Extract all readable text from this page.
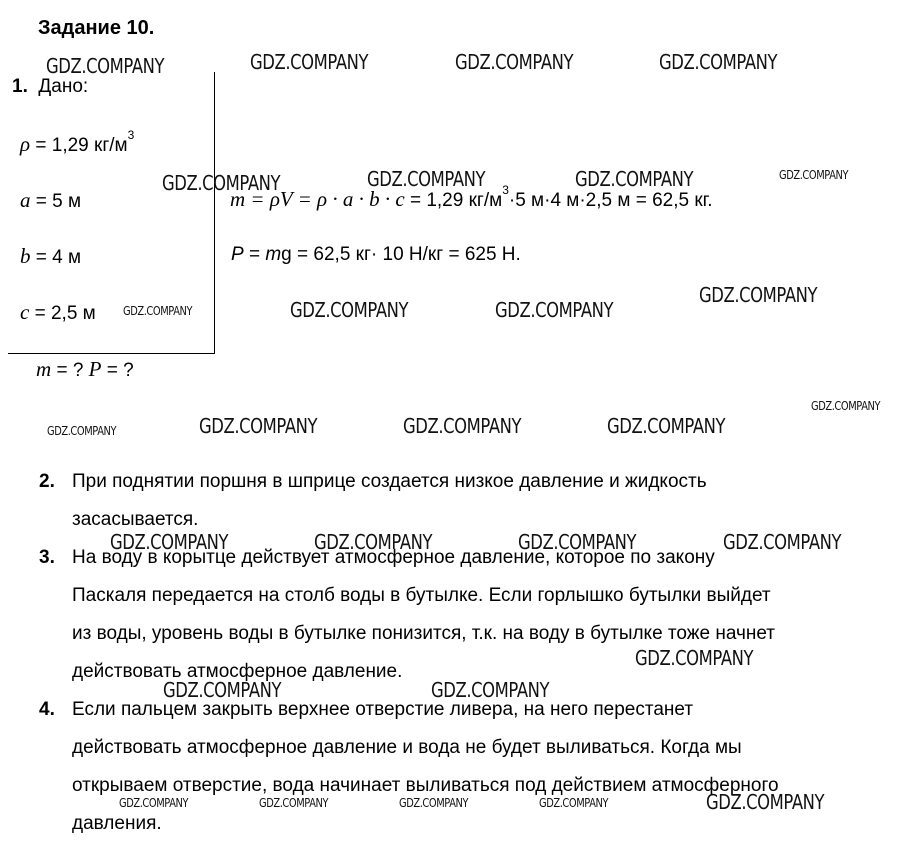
Задание 10.
1. Дано:
ρ = 1,29 $кг/м^3$
a = 5 м
b = 4 м
c = 2,5 м
m = ? P = ?
m = ρV = ρ · a · b · c = 1,29 $кг/м^3\cdot 5$ м·4 м·2,5 м = 62,5 кг.
P = mg = 62,5 кг· 10 Н/кг = 625 Н.
2. При поднятии поршня в шприце создается низкое давление и жидкость
засасывается.
3. На воду в корытце действует атмосферное давление, которое по закону
Паскаля передается на столб воды в бутылке. Если горлышко бутылки выйдет
из воды, уровень воды в бутылке понизится, т.к. на воду в бутылке тоже начнет
действовать атмосферное давление.
4. Если пальцем закрыть верхнее отверстие ливера, на него перестанет
действовать атмосферное давление и вода не будет выливаться. Когда мы
открываем отверстие, вода начинает выливаться под действием атмосферного
давления.
GDZ.COMPANY	GDZ.COMPANY	GDZ.COMPANY	GDZ.COMPANY
GDZ.COMPANY	GDZ.COMPANY	GDZ.COMPANY	GDZ.COMPANY
GDZ.COMPANY	GDZ.COMPANY	GDZ.COMPANY
GDZ.COMPANY
GDZ.COMPANY
GDZ.COMPANY	GDZ.COMPANY	GDZ.COMPANY	GDZ.COMPANY
GDZ.COMPANY	GDZ.COMPANY	GDZ.COMPANY	GDZ.COMPANY
GDZ.COMPANY
GDZ.COMPANY	GDZ.COMPANY
GDZ.COMPANY	GDZ.COMPANY	GDZ.COMPANY	GDZ.COMPANY	GDZ.COMPANY
